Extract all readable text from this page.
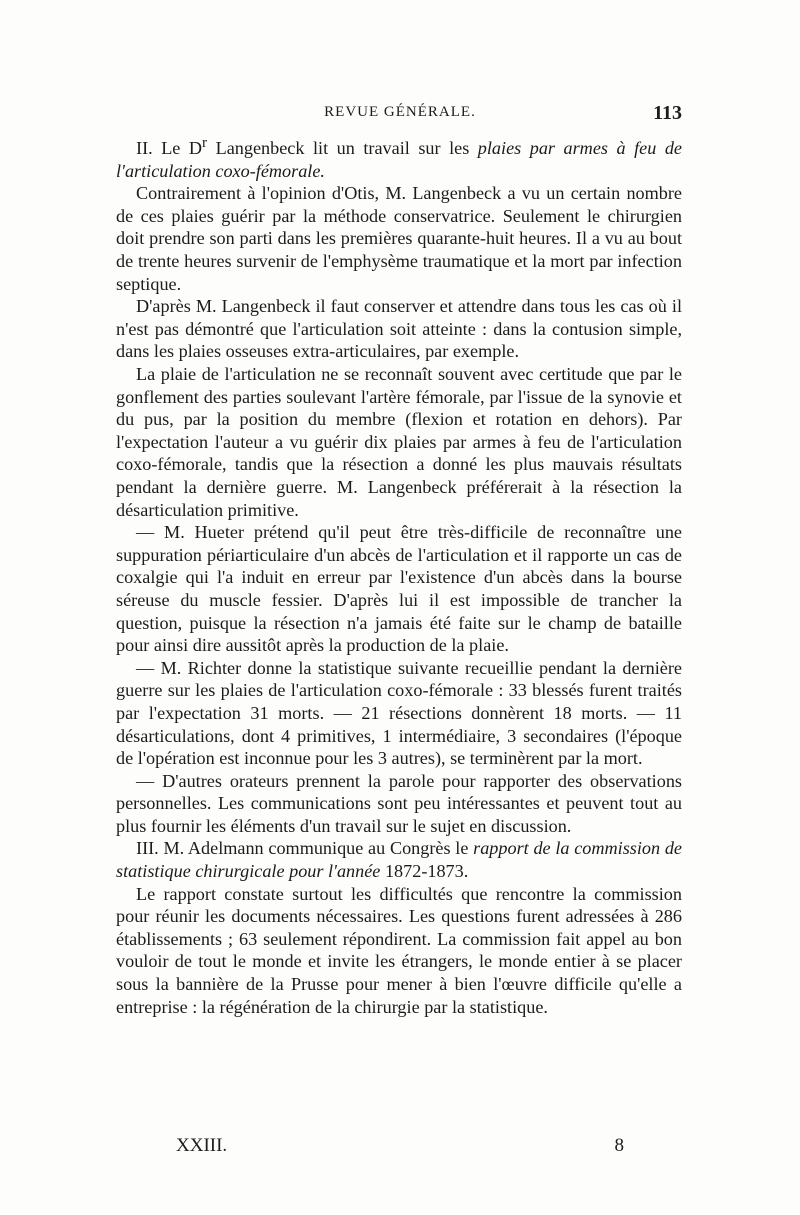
REVUE GÉNÉRALE.	113

II. Le $D^r$ Langenbeck lit un travail sur les plaies par armes à feu de l'articulation coxo-fémorale.

Contrairement à l'opinion d'Otis, M. Langenbeck a vu un certain nombre de ces plaies guérir par la méthode conservatrice. Seulement le chirurgien doit prendre son parti dans les premières quarante-huit heures. Il a vu au bout de trente heures survenir de l'emphysème traumatique et la mort par infection septique.

D'après M. Langenbeck il faut conserver et attendre dans tous les cas où il n'est pas démontré que l'articulation soit atteinte : dans la contusion simple, dans les plaies osseuses extra-articulaires, par exemple.

La plaie de l'articulation ne se reconnaît souvent avec certitude que par le gonflement des parties soulevant l'artère fémorale, par l'issue de la synovie et du pus, par la position du membre (flexion et rotation en dehors). Par l'expectation l'auteur a vu guérir dix plaies par armes à feu de l'articulation coxo-fémorale, tandis que la résection a donné les plus mauvais résultats pendant la dernière guerre. M. Langenbeck préférerait à la résection la désarticulation primitive.

— M. Hueter prétend qu'il peut être très-difficile de reconnaître une suppuration périarticulaire d'un abcès de l'articulation et il rapporte un cas de coxalgie qui l'a induit en erreur par l'existence d'un abcès dans la bourse séreuse du muscle fessier. D'après lui il est impossible de trancher la question, puisque la résection n'a jamais été faite sur le champ de bataille pour ainsi dire aussitôt après la production de la plaie.

— M. Richter donne la statistique suivante recueillie pendant la dernière guerre sur les plaies de l'articulation coxo-fémorale : 33 blessés furent traités par l'expectation 31 morts. — 21 résections donnèrent 18 morts. — 11 désarticulations, dont 4 primitives, 1 intermédiaire, 3 secondaires (l'époque de l'opération est inconnue pour les 3 autres), se terminèrent par la mort.

— D'autres orateurs prennent la parole pour rapporter des observations personnelles. Les communications sont peu intéressantes et peuvent tout au plus fournir les éléments d'un travail sur le sujet en discussion.

III. M. Adelmann communique au Congrès le rapport de la commission de statistique chirurgicale pour l'année 1872-1873.

Le rapport constate surtout les difficultés que rencontre la commission pour réunir les documents nécessaires. Les questions furent adressées à 286 établissements ; 63 seulement répondirent. La commission fait appel au bon vouloir de tout le monde et invite les étrangers, le monde entier à se placer sous la bannière de la Prusse pour mener à bien l'œuvre difficile qu'elle a entreprise : la régénération de la chirurgie par la statistique.

XXIII.	8
